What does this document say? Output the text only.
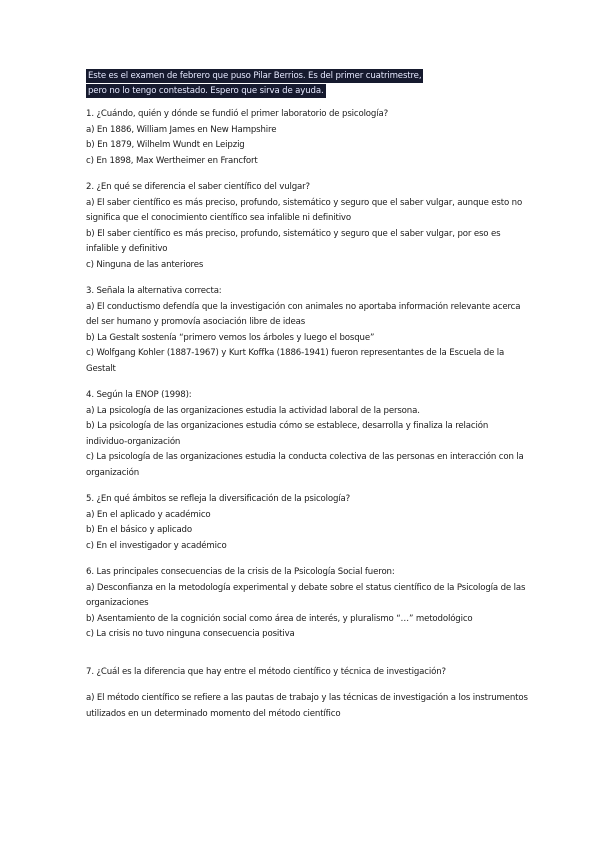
Este es el examen de febrero que puso Pilar Berrios. Es del primer cuatrimestre,
pero no lo tengo contestado. Espero que sirva de ayuda.
1. ¿Cuándo, quién y dónde se fundió el primer laboratorio de psicología?
a) En 1886, William James en New Hampshire
b) En 1879, Wilhelm Wundt en Leipzig
c) En 1898, Max Wertheimer en Francfort
2. ¿En qué se diferencia el saber científico del vulgar?
a) El saber científico es más preciso, profundo, sistemático y seguro que el saber vulgar, aunque esto no significa que el conocimiento científico sea infalible ni definitivo
b) El saber científico es más preciso, profundo, sistemático y seguro que el saber vulgar, por eso es infalible y definitivo
c) Ninguna de las anteriores
3. Señala la alternativa correcta:
a) El conductismo defendía que la investigación con animales no aportaba información relevante acerca del ser humano y promovía asociación libre de ideas
b) La Gestalt sostenía “primero vemos los árboles y luego el bosque”
c) Wolfgang Kohler (1887-1967) y Kurt Koffka (1886-1941) fueron representantes de la Escuela de la Gestalt
4. Según la ENOP (1998):
a) La psicología de las organizaciones estudia la actividad laboral de la persona.
b) La psicología de las organizaciones estudia cómo se establece, desarrolla y finaliza la relación individuo-organización
c) La psicología de las organizaciones estudia la conducta colectiva de las personas en interacción con la organización
5. ¿En qué ámbitos se refleja la diversificación de la psicología?
a) En el aplicado y académico
b) En el básico y aplicado
c) En el investigador y académico
6. Las principales consecuencias de la crisis de la Psicología Social fueron:
a) Desconfianza en la metodología experimental y debate sobre el status científico de la Psicología de las organizaciones
b) Asentamiento de la cognición social como área de interés, y pluralismo “…” metodológico
c) La crisis no tuvo ninguna consecuencia positiva
7. ¿Cuál es la diferencia que hay entre el método científico y técnica de investigación?
a) El método científico se refiere a las pautas de trabajo y las técnicas de investigación a los instrumentos utilizados en un determinado momento del método científico
